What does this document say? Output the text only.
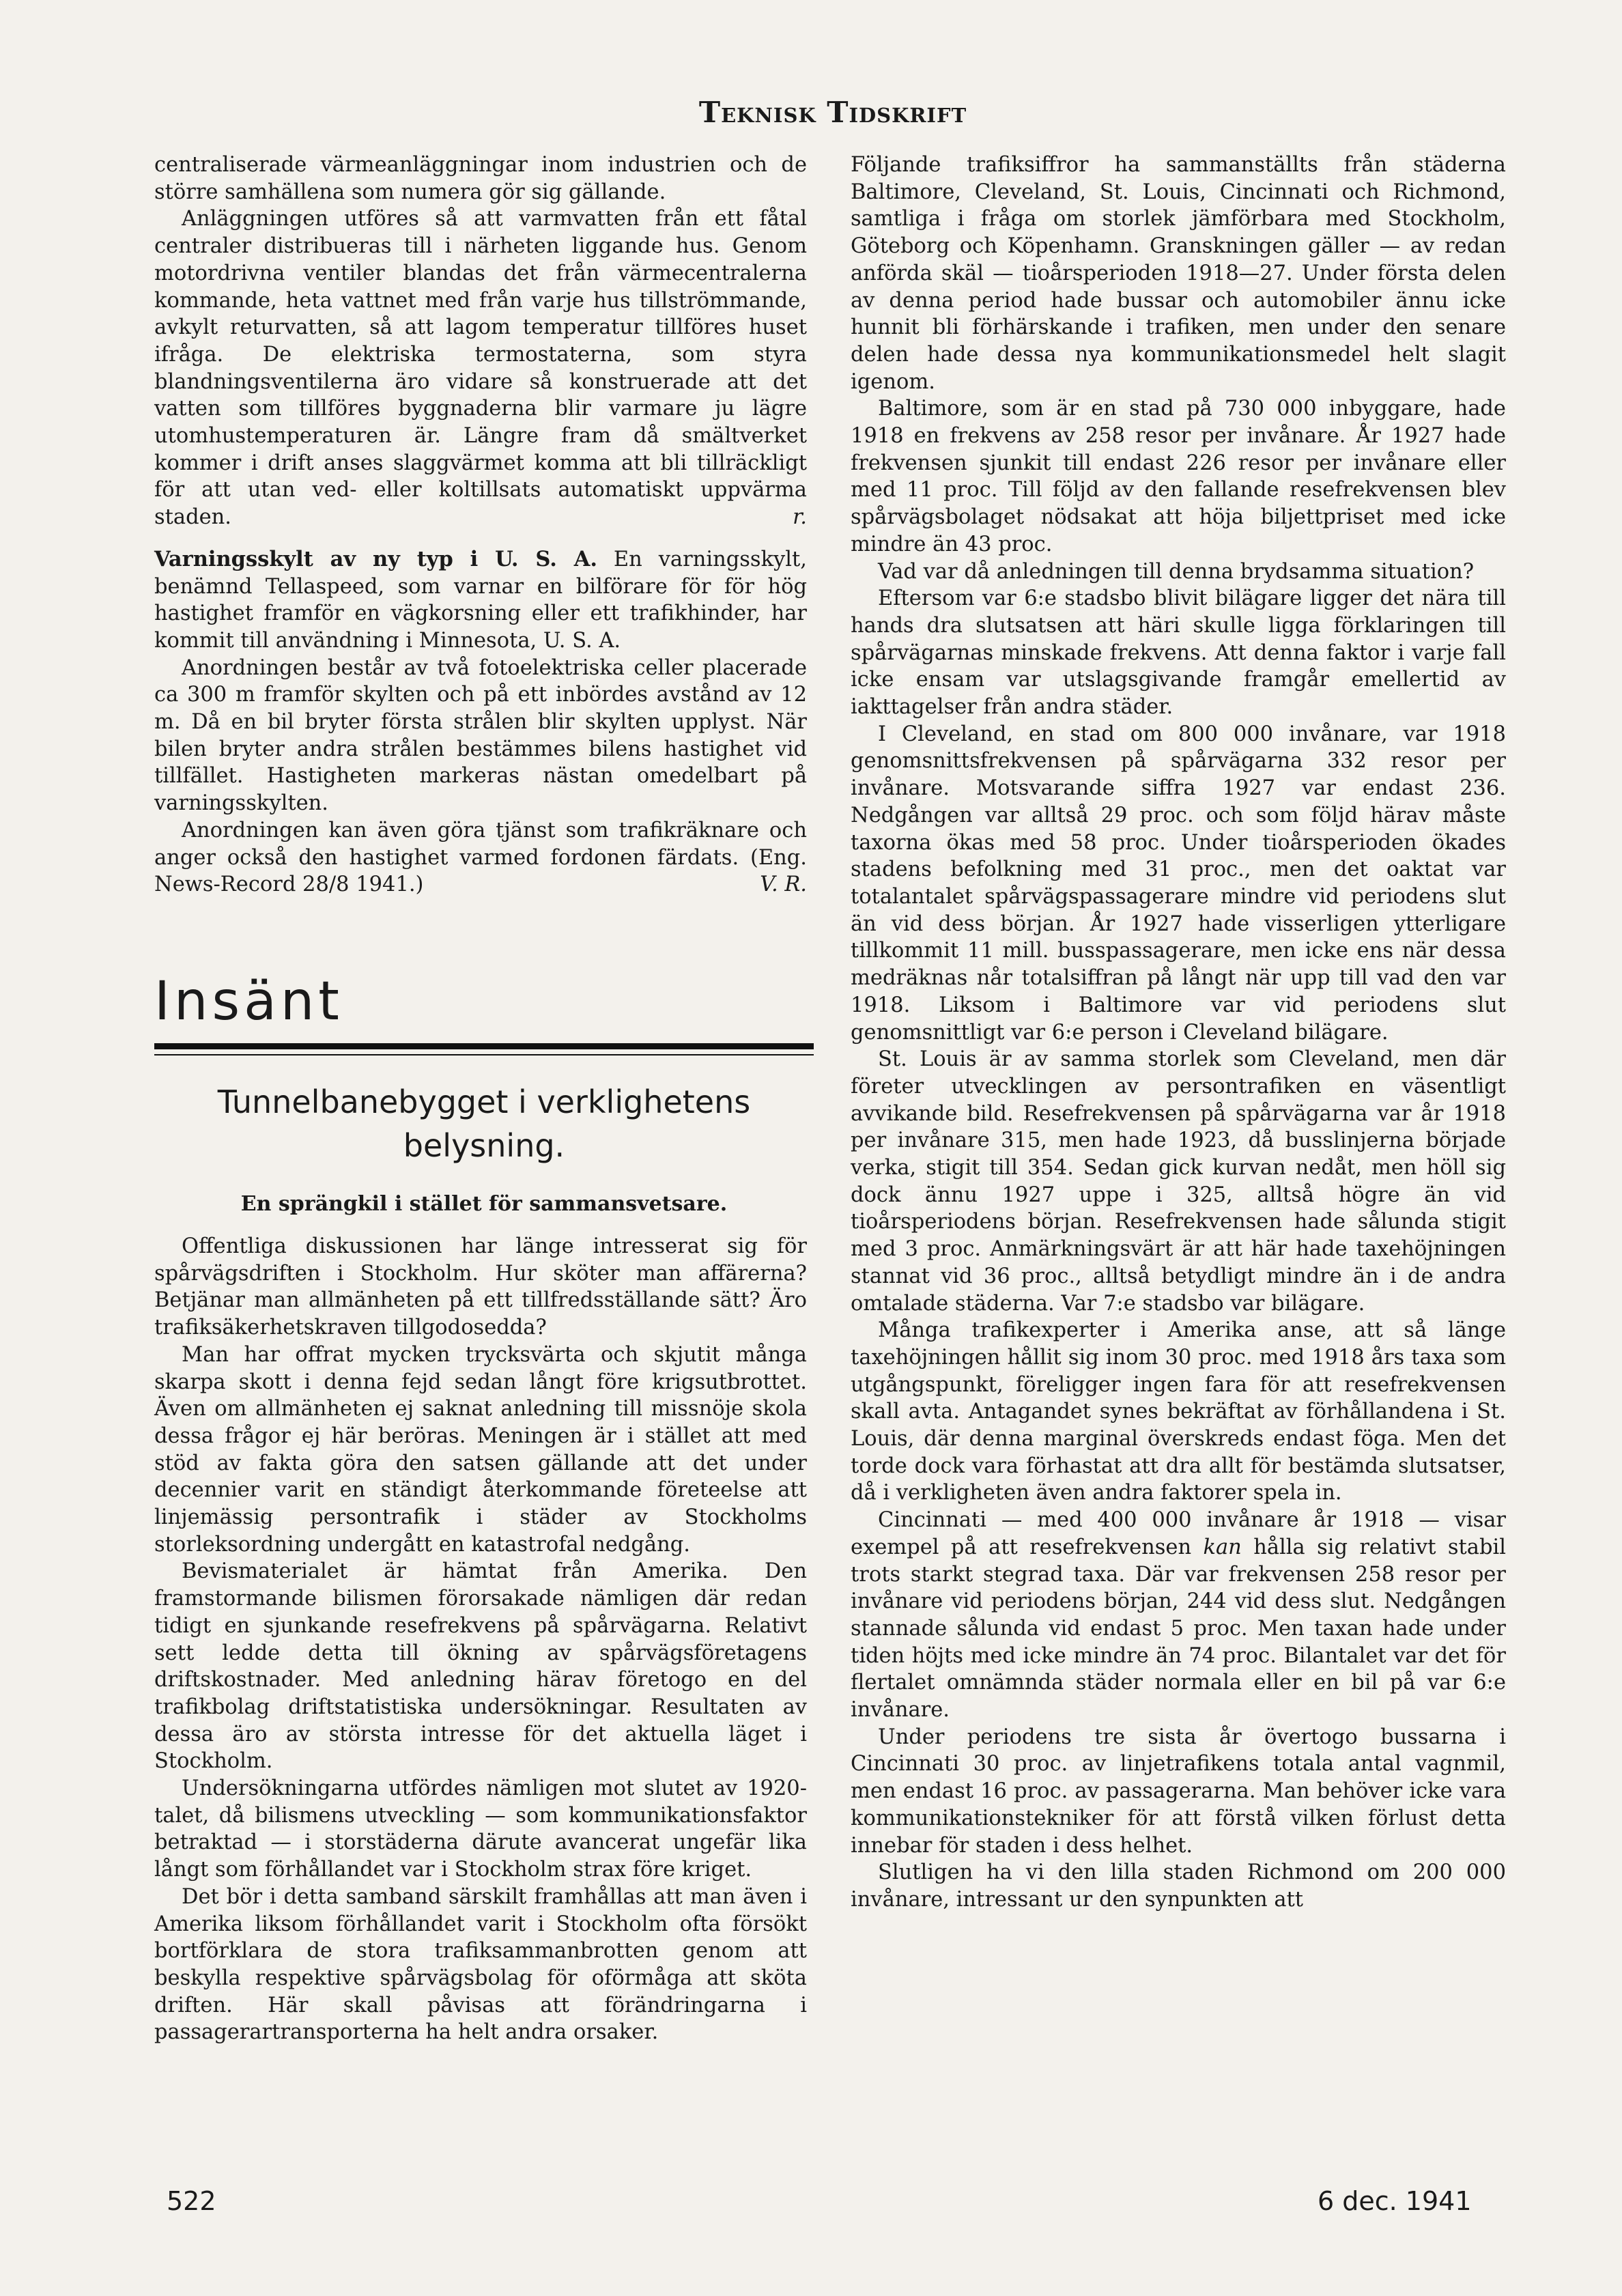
Teknisk Tidskrift

centraliserade värmeanläggningar inom industrien och de större samhällena som numera gör sig gällande.

Anläggningen utföres så att varmvatten från ett fåtal centraler distribueras till i närheten liggande hus. Genom motordrivna ventiler blandas det från värmecentralerna kommande, heta vattnet med från varje hus tillströmmande, avkylt returvatten, så att lagom temperatur tillföres huset ifråga. De elektriska termostaterna, som styra blandningsventilerna äro vidare så konstruerade att det vatten som tillföres byggnaderna blir varmare ju lägre utomhustemperaturen är. Längre fram då smältverket kommer i drift anses slaggvärmet komma att bli tillräckligt för att utan ved- eller koltillsats automatiskt uppvärma staden.	r.

Varningsskylt av ny typ i U. S. A. En varningsskylt, benämnd Tellaspeed, som varnar en bilförare för för hög hastighet framför en vägkorsning eller ett trafikhinder, har kommit till användning i Minnesota, U. S. A.

Anordningen består av två fotoelektriska celler placerade ca 300 m framför skylten och på ett inbördes avstånd av 12 m. Då en bil bryter första strålen blir skylten upplyst. När bilen bryter andra strålen bestämmes bilens hastighet vid tillfället. Hastigheten markeras nästan omedelbart på varningsskylten.

Anordningen kan även göra tjänst som trafikräknare och anger också den hastighet varmed fordonen färdats. (Eng. News-Record 28/8 1941.)	V. R.

Insänt
Tunnelbanebygget i verklighetens
belysning.
En sprängkil i stället för sammansvetsare.

Offentliga diskussionen har länge intresserat sig för spårvägsdriften i Stockholm. Hur sköter man affärerna? Betjänar man allmänheten på ett tillfredsställande sätt? Äro trafiksäkerhetskraven tillgodosedda?

Man har offrat mycken trycksvärta och skjutit många skarpa skott i denna fejd sedan långt före krigsutbrottet. Även om allmänheten ej saknat anledning till missnöje skola dessa frågor ej här beröras. Meningen är i stället att med stöd av fakta göra den satsen gällande att det under decennier varit en ständigt återkommande företeelse att linjemässig persontrafik i städer av Stockholms storleksordning undergått en katastrofal nedgång.

Bevismaterialet är hämtat från Amerika. Den framstormande bilismen förorsakade nämligen där redan tidigt en sjunkande resefrekvens på spårvägarna. Relativt sett ledde detta till ökning av spårvägsföretagens driftskostnader. Med anledning härav företogo en del trafikbolag driftstatistiska undersökningar. Resultaten av dessa äro av största intresse för det aktuella läget i Stockholm.

Undersökningarna utfördes nämligen mot slutet av 1920-talet, då bilismens utveckling — som kommunikationsfaktor betraktad — i storstäderna därute avancerat ungefär lika långt som förhållandet var i Stockholm strax före kriget.

Det bör i detta samband särskilt framhållas att man även i Amerika liksom förhållandet varit i Stockholm ofta försökt bortförklara de stora trafiksammanbrotten genom att beskylla respektive spårvägsbolag för oförmåga att sköta driften. Här skall påvisas att förändringarna i passagerartransporterna ha helt andra orsaker.

Följande trafiksiffror ha sammanställts från städerna Baltimore, Cleveland, St. Louis, Cincinnati och Richmond, samtliga i fråga om storlek jämförbara med Stockholm, Göteborg och Köpenhamn. Granskningen gäller — av redan anförda skäl — tioårsperioden 1918—27. Under första delen av denna period hade bussar och automobiler ännu icke hunnit bli förhärskande i trafiken, men under den senare delen hade dessa nya kommunikationsmedel helt slagit igenom.

Baltimore, som är en stad på 730 000 inbyggare, hade 1918 en frekvens av 258 resor per invånare. År 1927 hade frekvensen sjunkit till endast 226 resor per invånare eller med 11 proc. Till följd av den fallande resefrekvensen blev spårvägsbolaget nödsakat att höja biljettpriset med icke mindre än 43 proc.

Vad var då anledningen till denna brydsamma situation?

Eftersom var 6:e stadsbo blivit bilägare ligger det nära till hands dra slutsatsen att häri skulle ligga förklaringen till spårvägarnas minskade frekvens. Att denna faktor i varje fall icke ensam var utslagsgivande framgår emellertid av iakttagelser från andra städer.

I Cleveland, en stad om 800 000 invånare, var 1918 genomsnittsfrekvensen på spårvägarna 332 resor per invånare. Motsvarande siffra 1927 var endast 236. Nedgången var alltså 29 proc. och som följd härav måste taxorna ökas med 58 proc. Under tioårsperioden ökades stadens befolkning med 31 proc., men det oaktat var totalantalet spårvägspassagerare mindre vid periodens slut än vid dess början. År 1927 hade visserligen ytterligare tillkommit 11 mill. busspassagerare, men icke ens när dessa medräknas når totalsiffran på långt när upp till vad den var 1918. Liksom i Baltimore var vid periodens slut genomsnittligt var 6:e person i Cleveland bilägare.

St. Louis är av samma storlek som Cleveland, men där företer utvecklingen av persontrafiken en väsentligt avvikande bild. Resefrekvensen på spårvägarna var år 1918 per invånare 315, men hade 1923, då busslinjerna började verka, stigit till 354. Sedan gick kurvan nedåt, men höll sig dock ännu 1927 uppe i 325, alltså högre än vid tioårsperiodens början. Resefrekvensen hade sålunda stigit med 3 proc. Anmärkningsvärt är att här hade taxehöjningen stannat vid 36 proc., alltså betydligt mindre än i de andra omtalade städerna. Var 7:e stadsbo var bilägare.

Många trafikexperter i Amerika anse, att så länge taxehöjningen hållit sig inom 30 proc. med 1918 års taxa som utgångspunkt, föreligger ingen fara för att resefrekvensen skall avta. Antagandet synes bekräftat av förhållandena i St. Louis, där denna marginal överskreds endast föga. Men det torde dock vara förhastat att dra allt för bestämda slutsatser, då i verkligheten även andra faktorer spela in.

Cincinnati — med 400 000 invånare år 1918 — visar exempel på att resefrekvensen kan hålla sig relativt stabil trots starkt stegrad taxa. Där var frekvensen 258 resor per invånare vid periodens början, 244 vid dess slut. Nedgången stannade sålunda vid endast 5 proc. Men taxan hade under tiden höjts med icke mindre än 74 proc. Bilantalet var det för flertalet omnämnda städer normala eller en bil på var 6:e invånare.

Under periodens tre sista år övertogo bussarna i Cincinnati 30 proc. av linjetrafikens totala antal vagnmil, men endast 16 proc. av passagerarna. Man behöver icke vara kommunikationstekniker för att förstå vilken förlust detta innebar för staden i dess helhet.

Slutligen ha vi den lilla staden Richmond om 200 000 invånare, intressant ur den synpunkten att

522	6 dec. 1941
